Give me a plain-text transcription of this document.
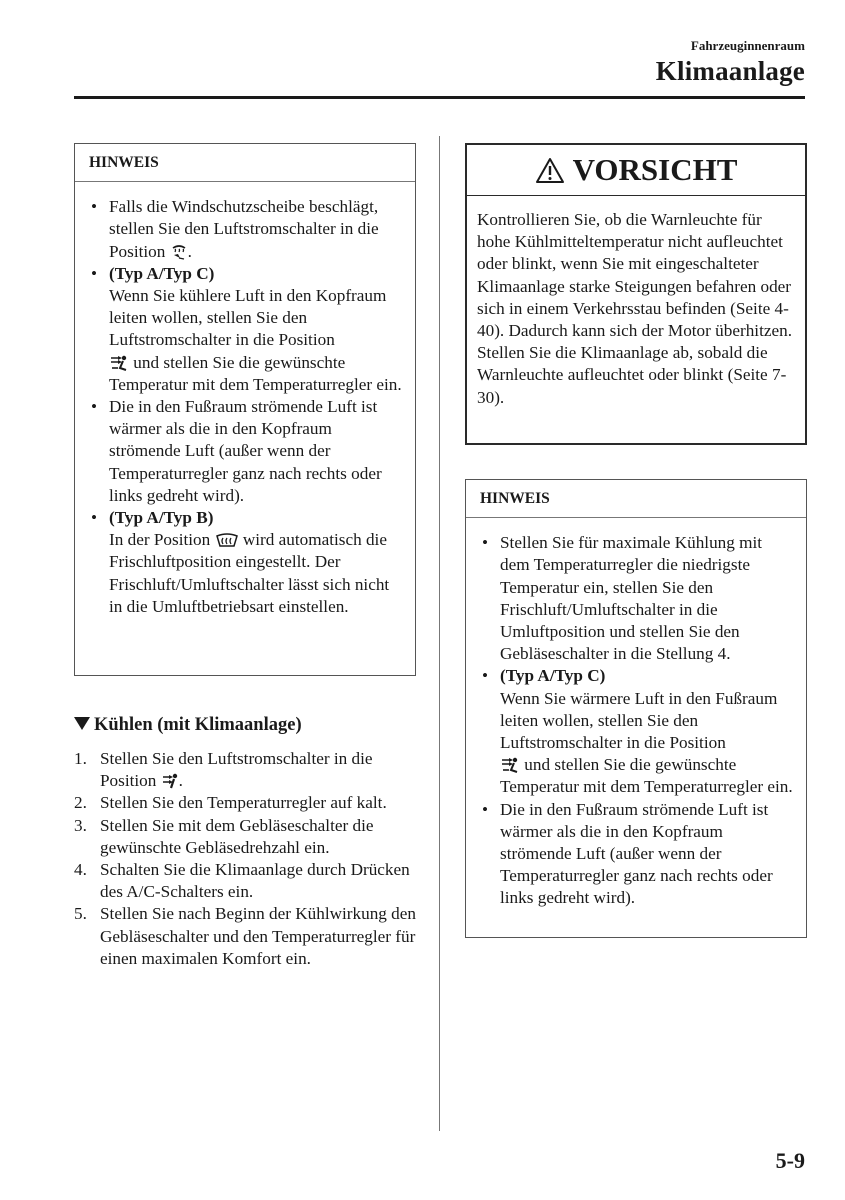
Fahrzeuginnenraum
Klimaanlage
HINWEIS
• Falls die Windschutzscheibe beschlägt, stellen Sie den Luftstromschalter in die Position .
• (Typ A/Typ C)
Wenn Sie kühlere Luft in den Kopfraum leiten wollen, stellen Sie den Luftstromschalter in die Position
und stellen Sie die gewünschte Temperatur mit dem Temperaturregler ein.
• Die in den Fußraum strömende Luft ist wärmer als die in den Kopfraum strömende Luft (außer wenn der Temperaturregler ganz nach rechts oder links gedreht wird).
• (Typ A/Typ B)
In der Position wird automatisch die Frischluftposition eingestellt. Der Frischluft/Umluftschalter lässt sich nicht in die Umluftbetriebsart einstellen.
Kühlen (mit Klimaanlage)
1. Stellen Sie den Luftstromschalter in die Position .
2. Stellen Sie den Temperaturregler auf kalt.
3. Stellen Sie mit dem Gebläseschalter die gewünschte Gebläsedrehzahl ein.
4. Schalten Sie die Klimaanlage durch Drücken des A/C-Schalters ein.
5. Stellen Sie nach Beginn der Kühlwirkung den Gebläseschalter und den Temperaturregler für einen maximalen Komfort ein.
VORSICHT
Kontrollieren Sie, ob die Warnleuchte für hohe Kühlmitteltemperatur nicht aufleuchtet oder blinkt, wenn Sie mit eingeschalteter Klimaanlage starke Steigungen befahren oder sich in einem Verkehrsstau befinden (Seite 4-40). Dadurch kann sich der Motor überhitzen. Stellen Sie die Klimaanlage ab, sobald die Warnleuchte aufleuchtet oder blinkt (Seite 7-30).
HINWEIS
• Stellen Sie für maximale Kühlung mit dem Temperaturregler die niedrigste Temperatur ein, stellen Sie den Frischluft/Umluftschalter in die Umluftposition und stellen Sie den Gebläseschalter in die Stellung 4.
• (Typ A/Typ C)
Wenn Sie wärmere Luft in den Fußraum leiten wollen, stellen Sie den Luftstromschalter in die Position
und stellen Sie die gewünschte Temperatur mit dem Temperaturregler ein.
• Die in den Fußraum strömende Luft ist wärmer als die in den Kopfraum strömende Luft (außer wenn der Temperaturregler ganz nach rechts oder links gedreht wird).
5-9
